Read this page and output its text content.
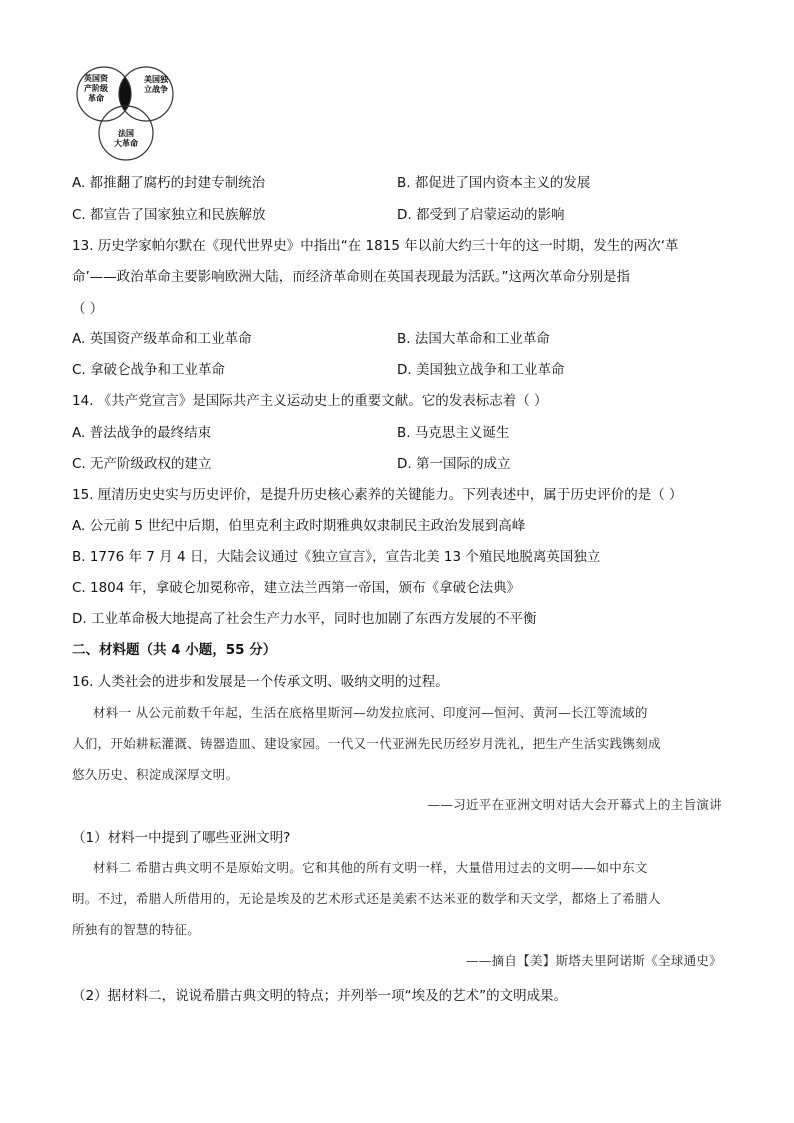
英国资
产阶级
革命
美国独
立战争
法国
大革命
A. 都推翻了腐朽的封建专制统治	B. 都促进了国内资本主义的发展
C. 都宣告了国家独立和民族解放	D. 都受到了启蒙运动的影响
13. 历史学家帕尔默在《现代世界史》中指出“在 1815 年以前大约三十年的这一时期，发生的两次‘革
命’——政治革命主要影响欧洲大陆，而经济革命则在英国表现最为活跃。”这两次革命分别是指
（ ）
A. 英国资产级革命和工业革命	B. 法国大革命和工业革命
C. 拿破仑战争和工业革命	D. 美国独立战争和工业革命
14. 《共产党宣言》是国际共产主义运动史上的重要文献。它的发表标志着（ ）
A. 普法战争的最终结束	B. 马克思主义诞生
C. 无产阶级政权的建立	D. 第一国际的成立
15. 厘清历史史实与历史评价，是提升历史核心素养的关键能力。下列表述中，属于历史评价的是（ ）
A. 公元前 5 世纪中后期，伯里克利主政时期雅典奴隶制民主政治发展到高峰
B. 1776 年 7 月 4 日，大陆会议通过《独立宣言》，宣告北美 13 个殖民地脱离英国独立
C. 1804 年，拿破仑加冕称帝，建立法兰西第一帝国，颁布《拿破仑法典》
D. 工业革命极大地提高了社会生产力水平，同时也加剧了东西方发展的不平衡
二、材料题（共 4 小题，55 分）
16. 人类社会的进步和发展是一个传承文明、吸纳文明的过程。
材料一 从公元前数千年起，生活在底格里斯河—幼发拉底河、印度河—恒河、黄河—长江等流域的
人们，开始耕耘灌溉、铸器造皿、建设家园。一代又一代亚洲先民历经岁月洗礼，把生产生活实践镌刻成
悠久历史、积淀成深厚文明。
——习近平在亚洲文明对话大会开幕式上的主旨演讲
（1）材料一中提到了哪些亚洲文明?
材料二 希腊古典文明不是原始文明。它和其他的所有文明一样，大量借用过去的文明——如中东文
明。不过，希腊人所借用的，无论是埃及的艺术形式还是美索不达米亚的数学和天文学，都烙上了希腊人
所独有的智慧的特征。
——摘自【美】斯塔夫里阿诺斯《全球通史》
（2）据材料二，说说希腊古典文明的特点；并列举一项“埃及的艺术”的文明成果。
